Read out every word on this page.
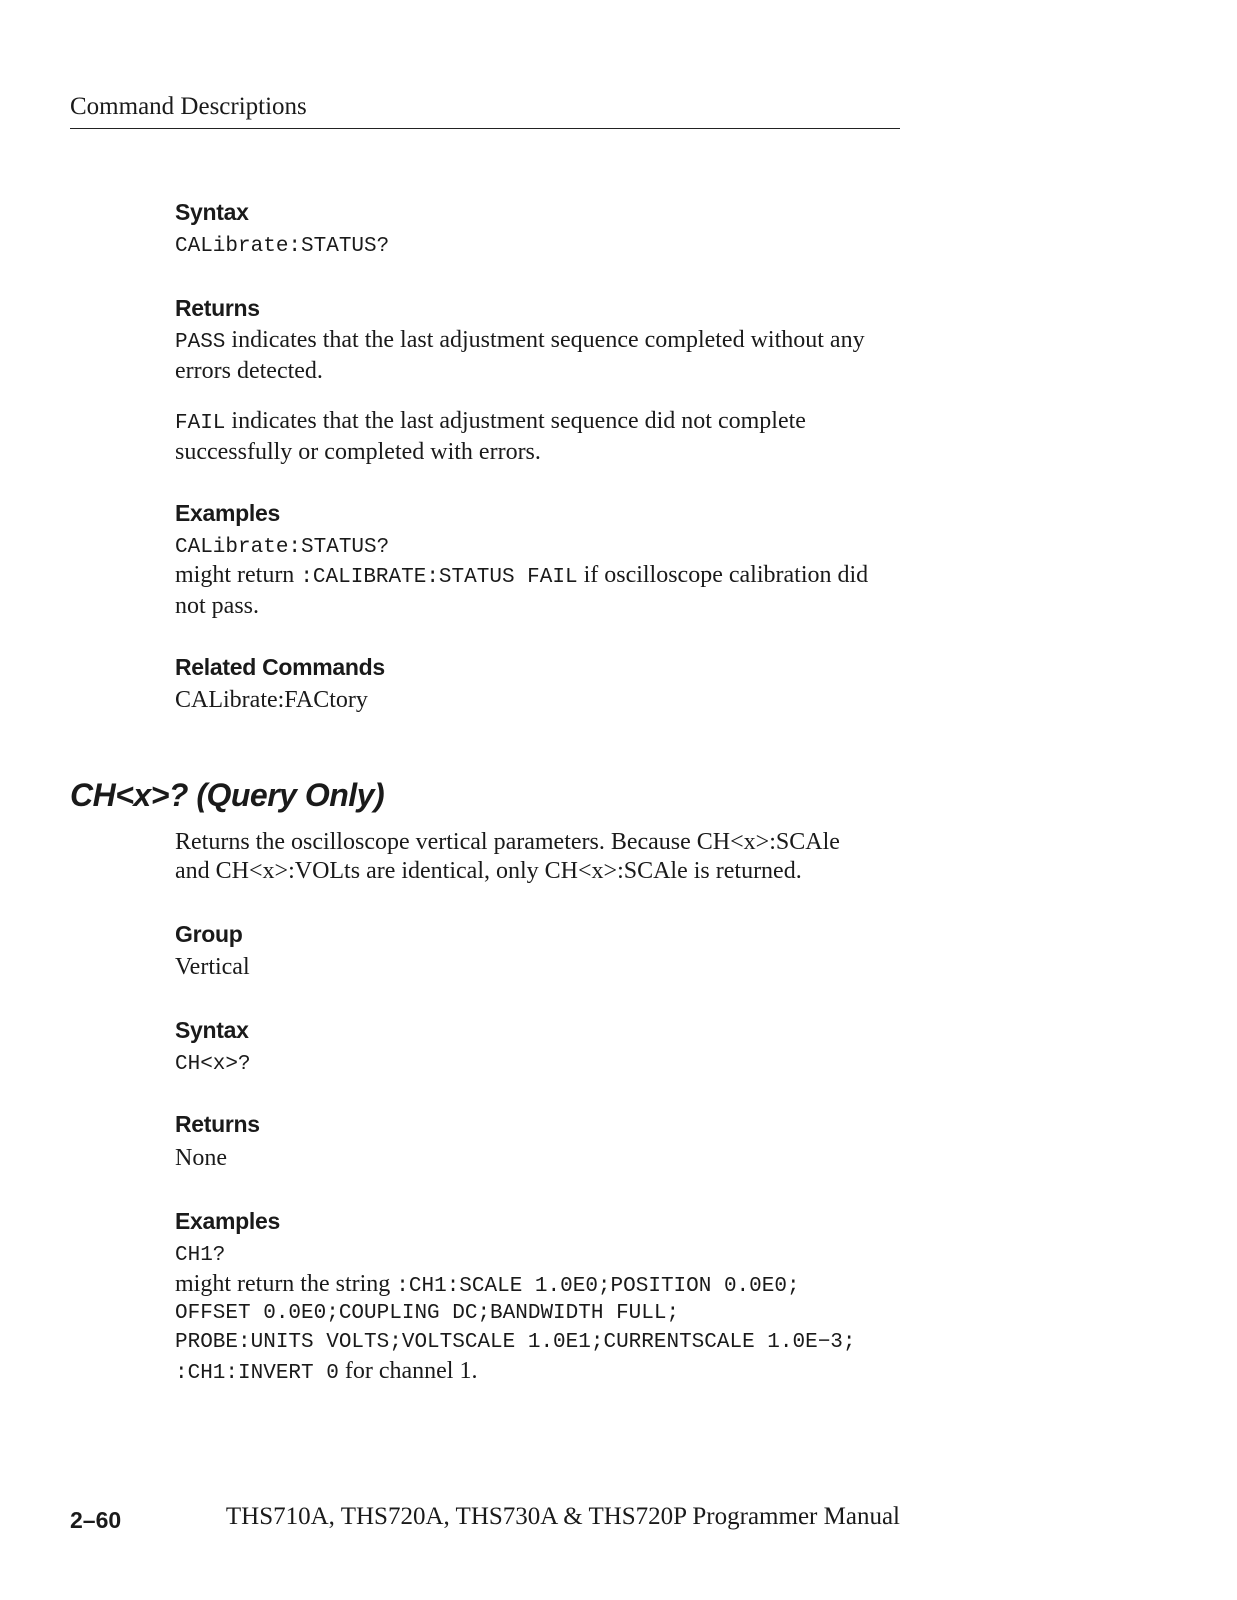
Command Descriptions
Syntax
CALibrate:STATUS?
Returns
PASS indicates that the last adjustment sequence completed without any errors detected.
FAIL indicates that the last adjustment sequence did not complete successfully or completed with errors.
Examples
CALibrate:STATUS?
might return :CALIBRATE:STATUS FAIL if oscilloscope calibration did not pass.
Related Commands
CALibrate:FACtory
CH<x>? (Query Only)
Returns the oscilloscope vertical parameters. Because CH<x>:SCAle
and CH<x>:VOLts are identical, only CH<x>:SCAle is returned.
Group
Vertical
Syntax
CH<x>?
Returns
None
Examples
CH1?
might return the string :CH1:SCALE 1.0E0;POSITION 0.0E0;
OFFSET 0.0E0;COUPLING DC;BANDWIDTH FULL;
PROBE:UNITS VOLTS;VOLTSCALE 1.0E1;CURRENTSCALE 1.0E−3;
:CH1:INVERT 0 for channel 1.
2–60	THS710A, THS720A, THS730A & THS720P Programmer Manual
